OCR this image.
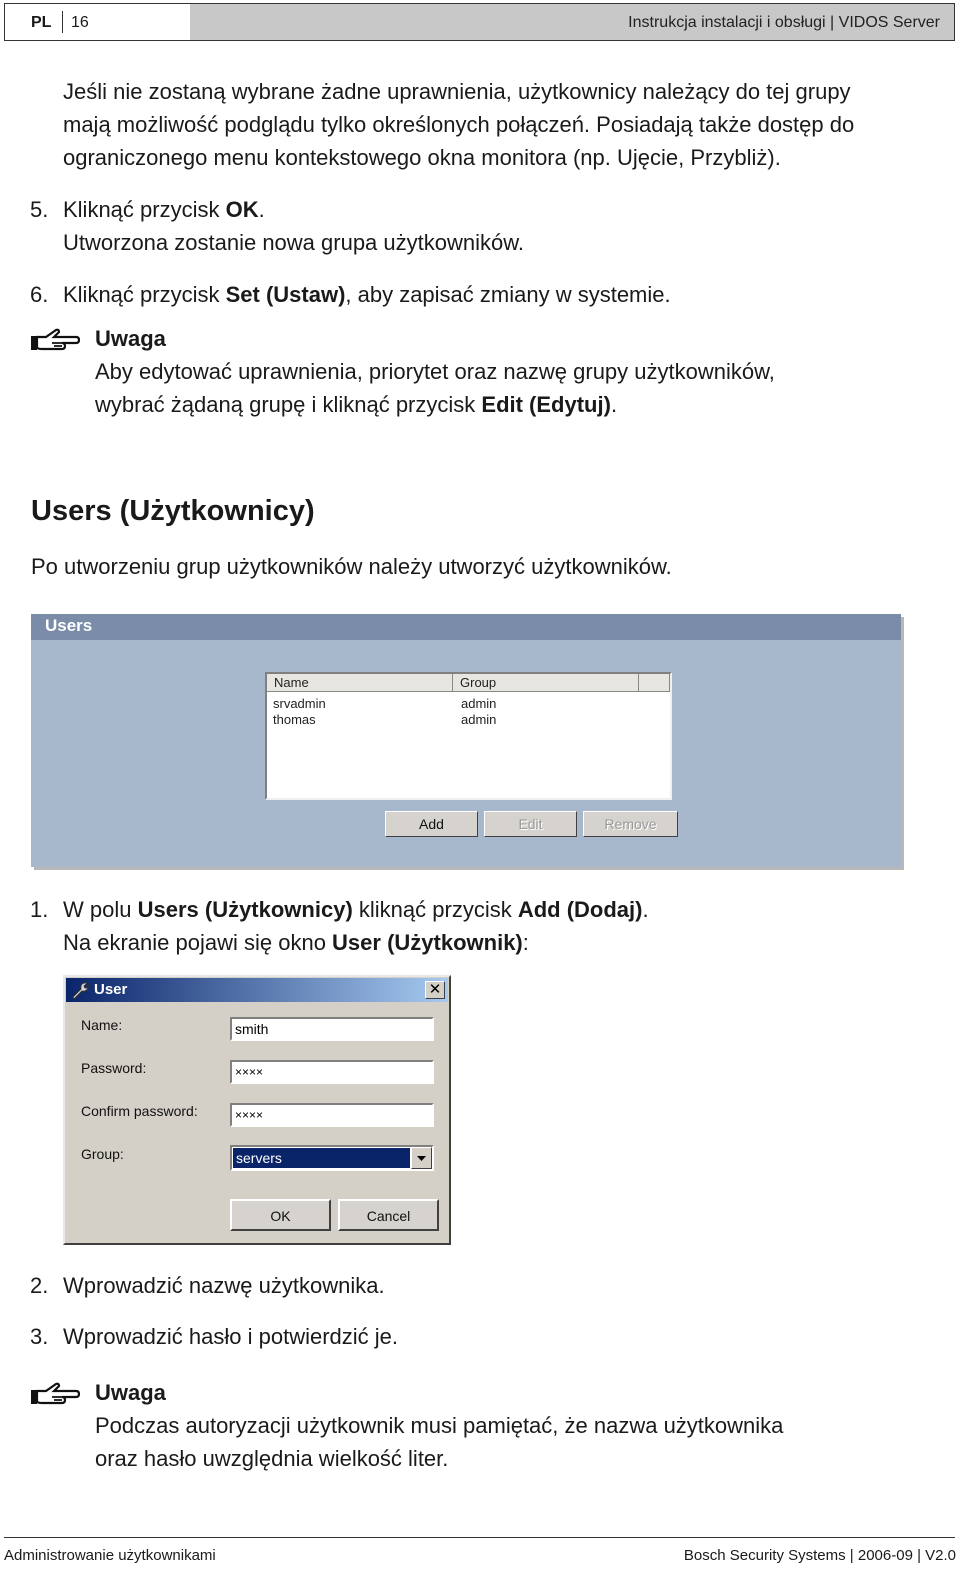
PL 16	Instrukcja instalacji i obsługi | VIDOS Server
Jeśli nie zostaną wybrane żadne uprawnienia, użytkownicy należący do tej grupy
mają możliwość podglądu tylko określonych połączeń. Posiadają także dostęp do
ograniczonego menu kontekstowego okna monitora (np. Ujęcie, Przybliż).
5. Kliknąć przycisk OK.
Utworzona zostanie nowa grupa użytkowników.
6. Kliknąć przycisk Set (Ustaw), aby zapisać zmiany w systemie.
Uwaga
Aby edytować uprawnienia, priorytet oraz nazwę grupy użytkowników,
wybrać żądaną grupę i kliknąć przycisk Edit (Edytuj).
Users (Użytkownicy)
Po utworzeniu grup użytkowników należy utworzyć użytkowników.
Users
Name	Group
srvadmin	admin
thomas	admin
Add	Edit	Remove
1. W polu Users (Użytkownicy) kliknąć przycisk Add (Dodaj).
Na ekranie pojawi się okno User (Użytkownik):
User	✕
Name:	smith
Password:	××××
Confirm password:	××××
Group:	servers
OK	Cancel
2. Wprowadzić nazwę użytkownika.
3. Wprowadzić hasło i potwierdzić je.
Uwaga
Podczas autoryzacji użytkownik musi pamiętać, że nazwa użytkownika
oraz hasło uwzględnia wielkość liter.
Administrowanie użytkownikami	Bosch Security Systems | 2006-09 | V2.0
